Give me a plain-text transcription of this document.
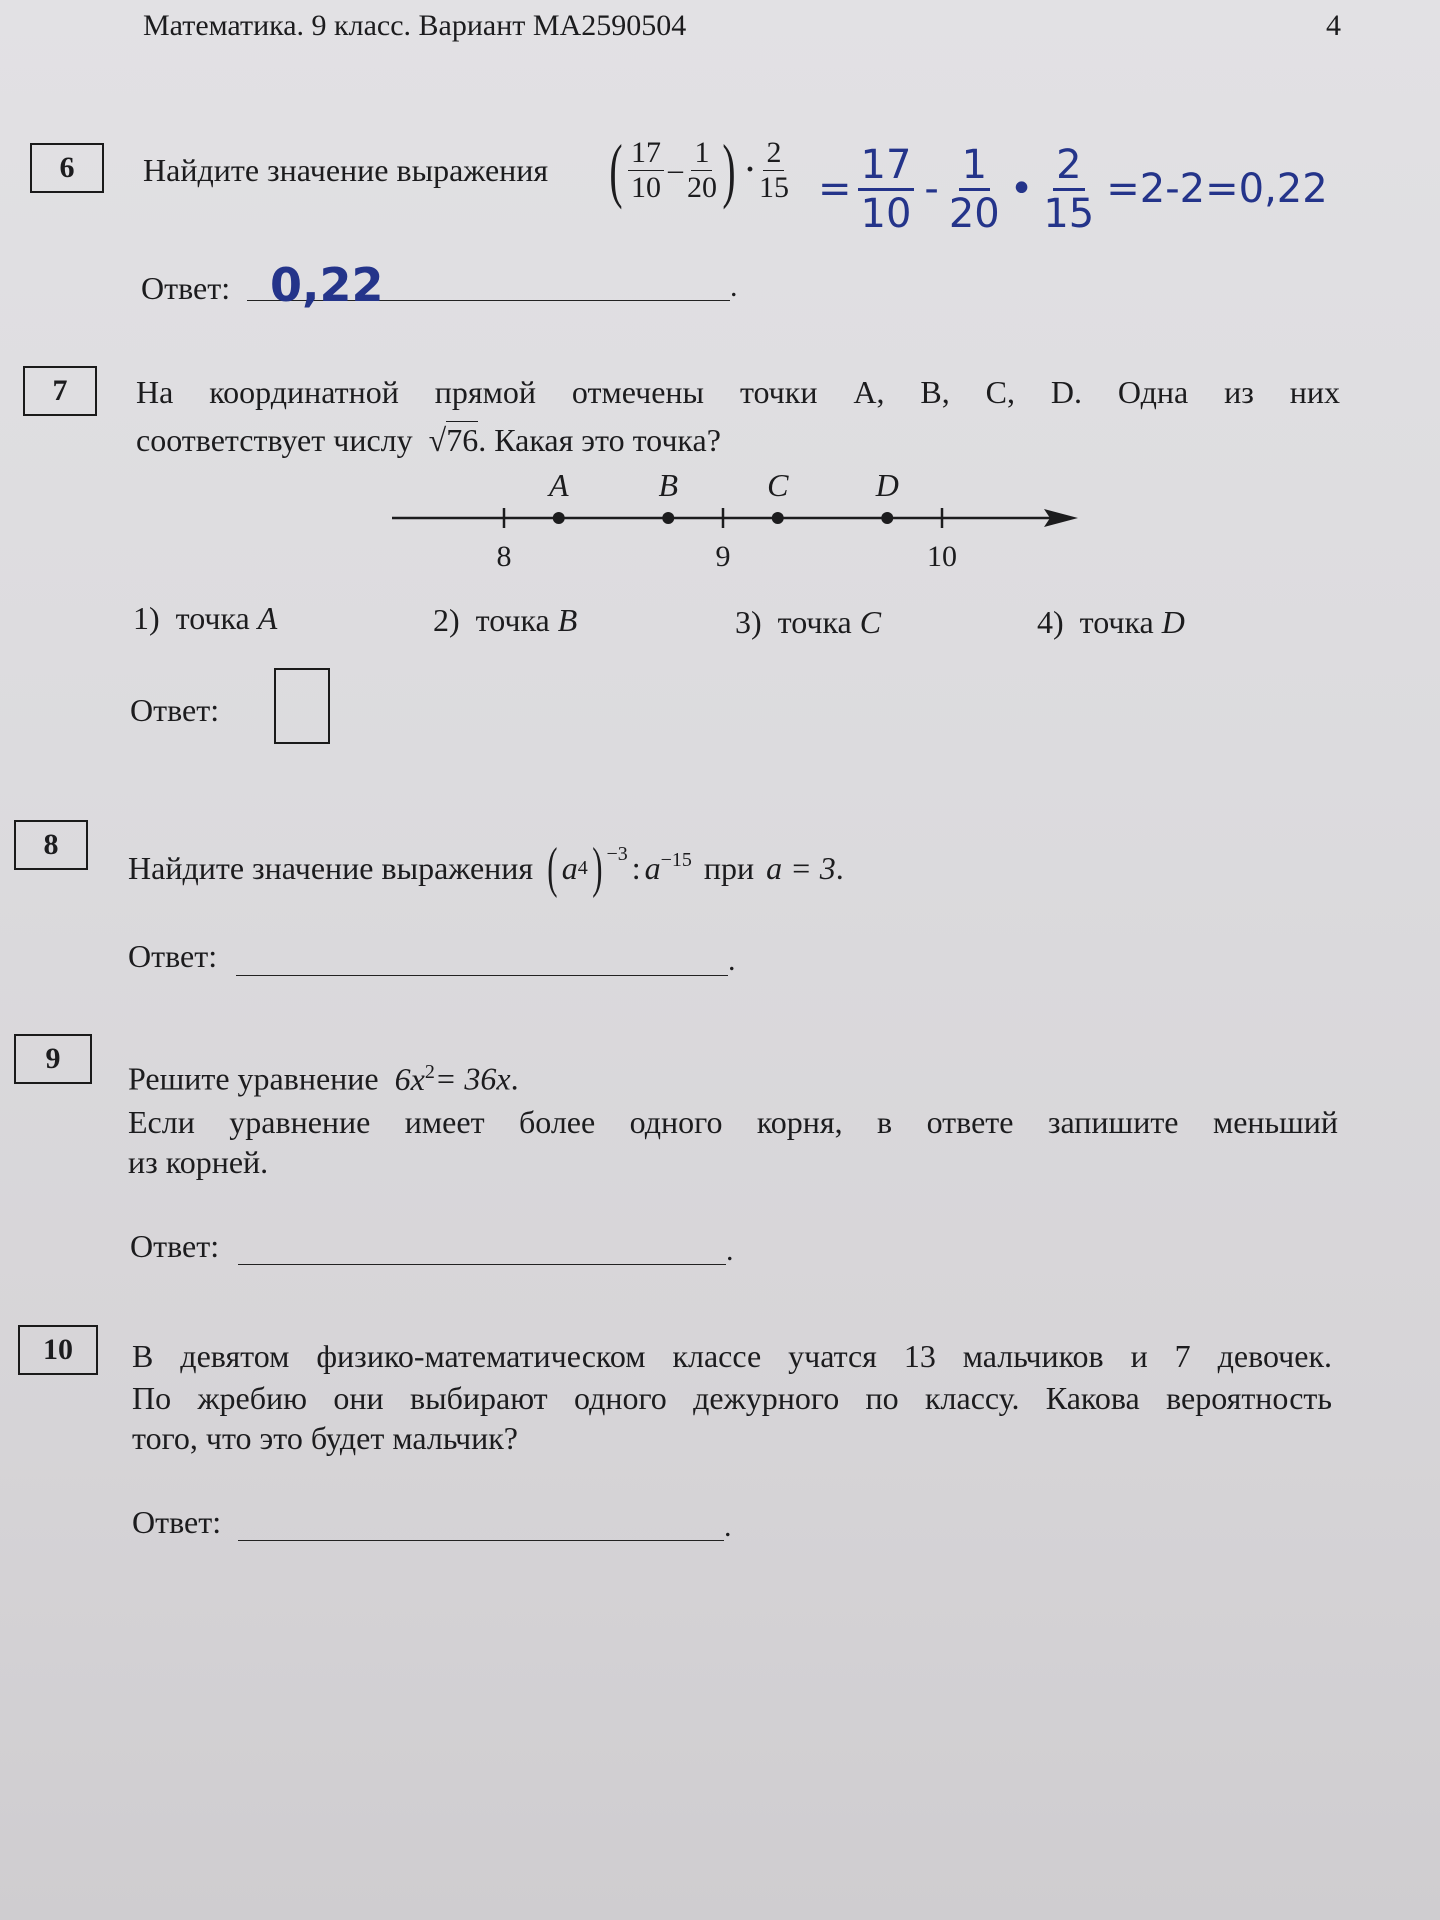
Математика. 9 класс. Вариант МА2590504	4
6	Найдите значение выражения ( $\frac{17}{10} - \frac{1}{20}$ ) · $\frac{2}{15} = \frac{17}{10} - \frac{1}{20}$ • $\frac{2}{15} =2-2=0,22$
Ответ: 0,22	.
7	На координатной прямой отмечены точки A, B, C, D. Одна из них
соответствует числу √76. Какая это точка?
8	9	10
A	B	C	D
1) точка A	2) точка B	3) точка C	4) точка D
Ответ:
8
Найдите значение выражения ( a 4 )$^{-3}$ : $a^{-15}$ при a = 3 .
Ответ:	.
9
Решите уравнение $6x^2= 36x$.
Если уравнение имеет более одного корня, в ответе запишите меньший
из корней.
Ответ:	.
10	В девятом физико-математическом классе учатся 13 мальчиков и 7 девочек.
По жребию они выбирают одного дежурного по классу. Какова вероятность
того, что это будет мальчик?
Ответ:	.
